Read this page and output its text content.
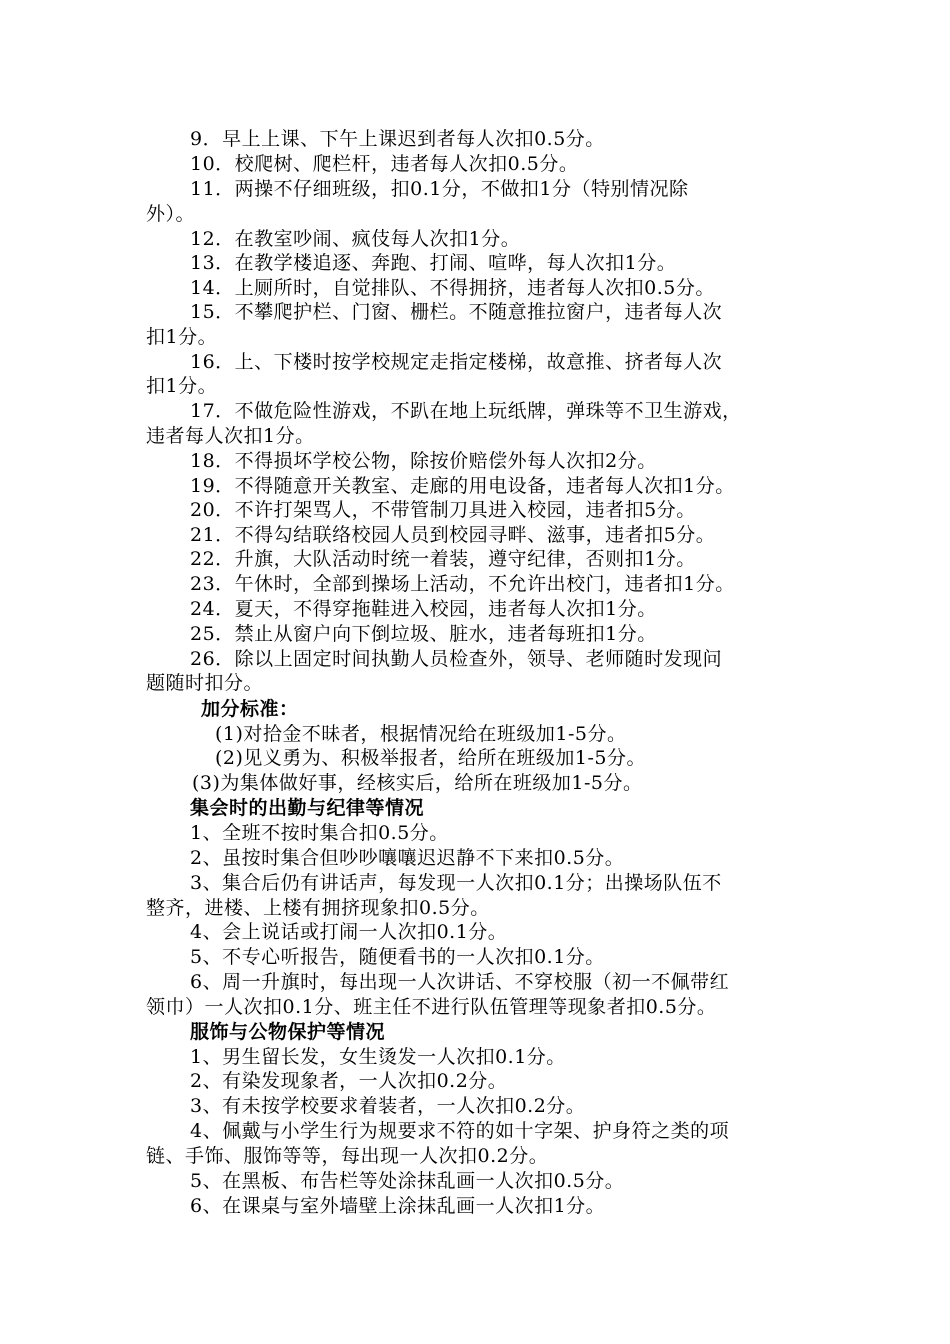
9．早上上课、下午上课迟到者每人次扣0.5分。
10．校爬树、爬栏杆，违者每人次扣0.5分。
11．两操不仔细班级，扣0.1分，不做扣1分（特别情况除
外）。
12．在教室吵闹、疯伎每人次扣1分。
13．在教学楼追逐、奔跑、打闹、喧哗，每人次扣1分。
14．上厕所时，自觉排队、不得拥挤，违者每人次扣0.5分。
15．不攀爬护栏、门窗、栅栏。不随意推拉窗户，违者每人次
扣1分。
16．上、下楼时按学校规定走指定楼梯，故意推、挤者每人次
扣1分。
17．不做危险性游戏，不趴在地上玩纸牌，弹珠等不卫生游戏，
违者每人次扣1分。
18．不得损坏学校公物，除按价赔偿外每人次扣2分。
19．不得随意开关教室、走廊的用电设备，违者每人次扣1分。
20．不许打架骂人，不带管制刀具进入校园，违者扣5分。
21．不得勾结联络校园人员到校园寻畔、滋事，违者扣5分。
22．升旗，大队活动时统一着装，遵守纪律，否则扣1分。
23．午休时，全部到操场上活动，不允许出校门，违者扣1分。
24．夏天，不得穿拖鞋进入校园，违者每人次扣1分。
25．禁止从窗户向下倒垃圾、脏水，违者每班扣1分。
26．除以上固定时间执勤人员检查外，领导、老师随时发现问
题随时扣分。
加分标准：
(1)对拾金不昧者，根据情况给在班级加1-5分。
(2)见义勇为、积极举报者，给所在班级加1-5分。
(3)为集体做好事，经核实后，给所在班级加1-5分。
集会时的出勤与纪律等情况
1、全班不按时集合扣0.5分。
2、虽按时集合但吵吵嚷嚷迟迟静不下来扣0.5分。
3、集合后仍有讲话声，每发现一人次扣0.1分；出操场队伍不
整齐，进楼、上楼有拥挤现象扣0.5分。
4、会上说话或打闹一人次扣0.1分。
5、不专心听报告，随便看书的一人次扣0.1分。
6、周一升旗时，每出现一人次讲话、不穿校服（初一不佩带红
领巾）一人次扣0.1分、班主任不进行队伍管理等现象者扣0.5分。
服饰与公物保护等情况
1、男生留长发，女生烫发一人次扣0.1分。
2、有染发现象者，一人次扣0.2分。
3、有未按学校要求着装者，一人次扣0.2分。
4、佩戴与小学生行为规要求不符的如十字架、护身符之类的项
链、手饰、服饰等等，每出现一人次扣0.2分。
5、在黑板、布告栏等处涂抹乱画一人次扣0.5分。
6、在课桌与室外墙壁上涂抹乱画一人次扣1分。
